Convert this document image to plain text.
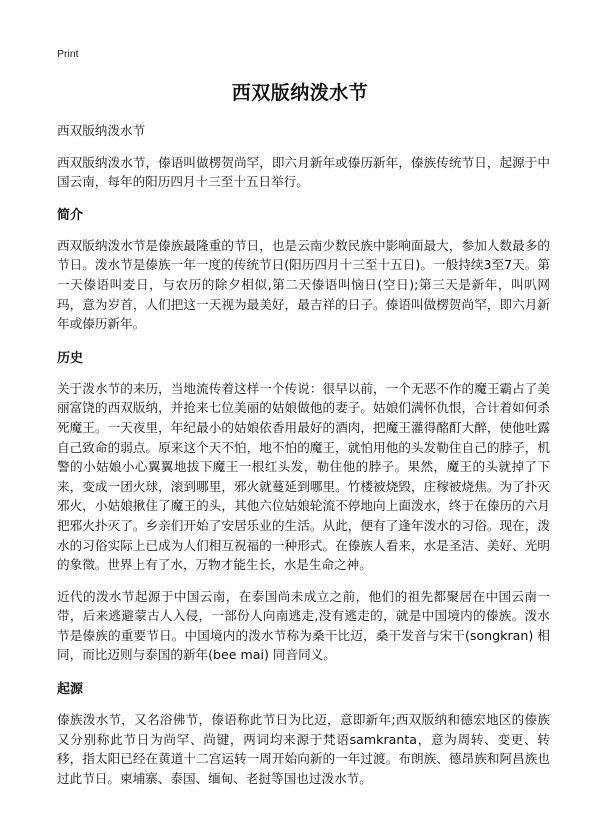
Print
西双版纳泼水节

西双版纳泼水节

西双版纳泼水节，傣语叫做楞贺尚罕，即六月新年或傣历新年，傣族传统节日，起源于中国云南，每年的阳历四月十三至十五日举行。

简介

西双版纳泼水节是傣族最隆重的节日，也是云南少数民族中影响面最大，参加人数最多的节日。泼水节是傣族一年一度的传统节日(阳历四月十三至十五日)。一般持续3至7天。第一天傣语叫麦日，与农历的除夕相似,第二天傣语叫恼日(空日);第三天是新年，叫叭网玛，意为岁首，人们把这一天视为最美好，最吉祥的日子。傣语叫做楞贺尚罕，即六月新年或傣历新年。

历史

关于泼水节的来历，当地流传着这样一个传说：很早以前，一个无恶不作的魔王霸占了美丽富饶的西双版纳，并抢来七位美丽的姑娘做他的妻子。姑娘们满怀仇恨，合计着如何杀死魔王。一天夜里，年纪最小的姑娘依香用最好的酒肉，把魔王灌得酩酊大醉，使他吐露自己致命的弱点。原来这个天不怕，地不怕的魔王，就怕用他的头发勒住自己的脖子，机警的小姑娘小心翼翼地拔下魔王一根红头发，勒住他的脖子。果然，魔王的头就掉了下来，变成一团火球，滚到哪里，邪火就蔓延到哪里。竹楼被烧毁，庄稼被烧焦。为了扑灭邪火，小姑娘揪住了魔王的头，其他六位姑娘轮流不停地向上面泼水，终于在傣历的六月把邪火扑灭了。乡亲们开始了安居乐业的生活。从此，便有了逢年泼水的习俗。现在，泼水的习俗实际上已成为人们相互祝福的一种形式。在傣族人看来，水是圣洁、美好、光明的象徵。世界上有了水，万物才能生长，水是生命之神。

近代的泼水节起源于中国云南，在泰国尚未成立之前，他们的祖先都聚居在中国云南一带，后来逃避蒙古人入侵，一部份人向南逃走,没有逃走的，就是中国境内的傣族。泼水节是傣族的重要节日。中国境内的泼水节称为桑干比迈，桑干发音与宋干(songkran) 相同，而比迈则与泰国的新年(bee mai) 同音同义。

起源

傣族泼水节，又名浴佛节，傣语称此节日为比迈，意即新年;西双版纳和德宏地区的傣族又分别称此节日为尚罕、尚键，两词均来源于梵语samkranta，意为周转、变更、转移，指太阳已经在黄道十二宫运转一周开始向新的一年过渡。布朗族、德昂族和阿昌族也过此节日。柬埔寨、泰国、缅甸、老挝等国也过泼水节。
